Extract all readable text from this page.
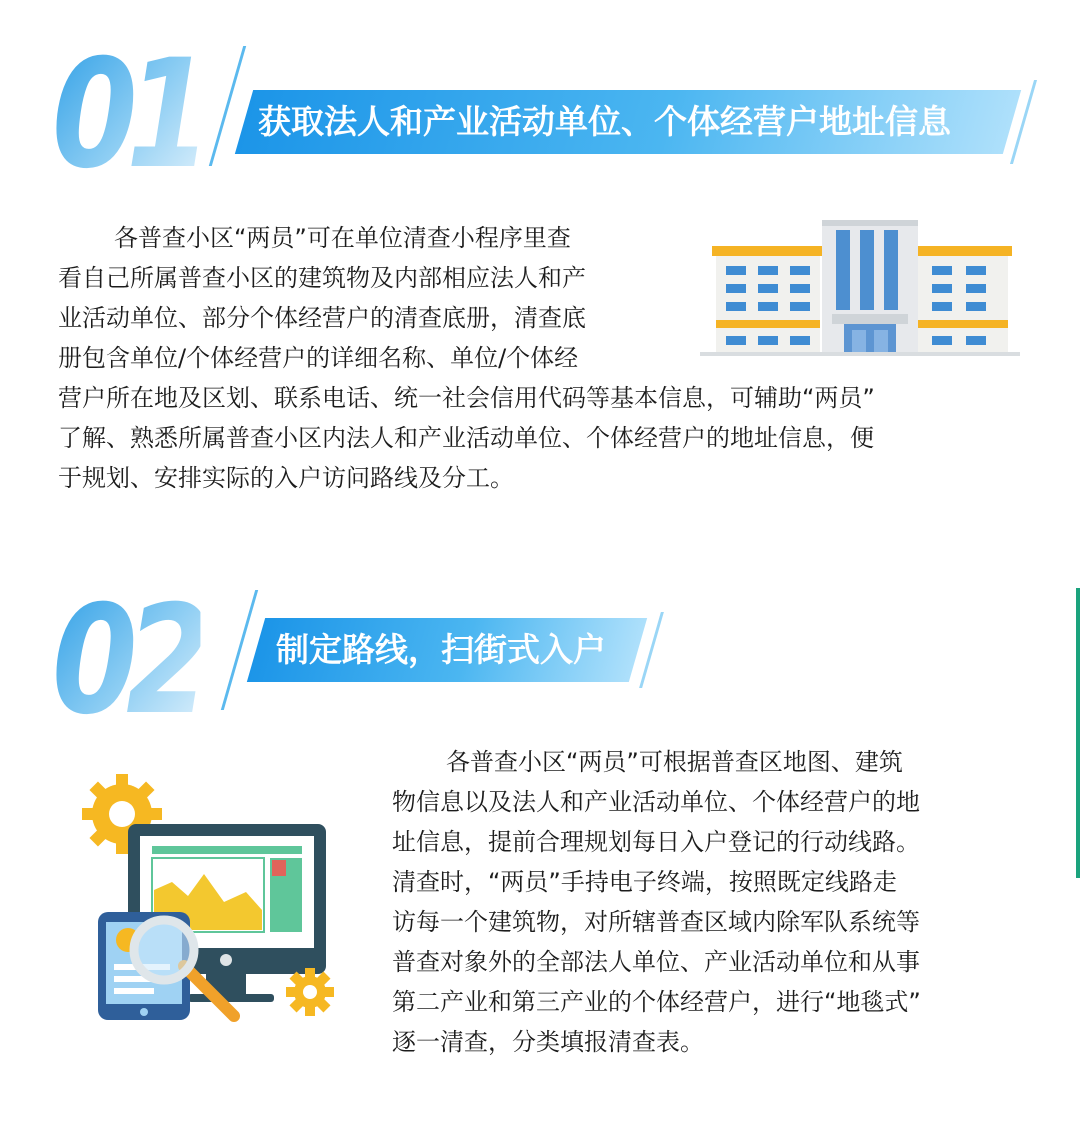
01 获取法人和产业活动单位、个体经营户地址信息

各普查小区“两员”可在单位清查小程序里查
看自己所属普查小区的建筑物及内部相应法人和产
业活动单位、部分个体经营户的清查底册，清查底
册包含单位/个体经营户的详细名称、单位/个体经
营户所在地及区划、联系电话、统一社会信用代码等基本信息，可辅助“两员”
了解、熟悉所属普查小区内法人和产业活动单位、个体经营户的地址信息，便
于规划、安排实际的入户访问路线及分工。

02 制定路线，扫街式入户

各普查小区“两员”可根据普查区地图、建筑
物信息以及法人和产业活动单位、个体经营户的地
址信息，提前合理规划每日入户登记的行动线路。
清查时，“两员”手持电子终端，按照既定线路走
访每一个建筑物，对所辖普查区域内除军队系统等
普查对象外的全部法人单位、产业活动单位和从事
第二产业和第三产业的个体经营户，进行“地毯式”
逐一清查，分类填报清查表。
